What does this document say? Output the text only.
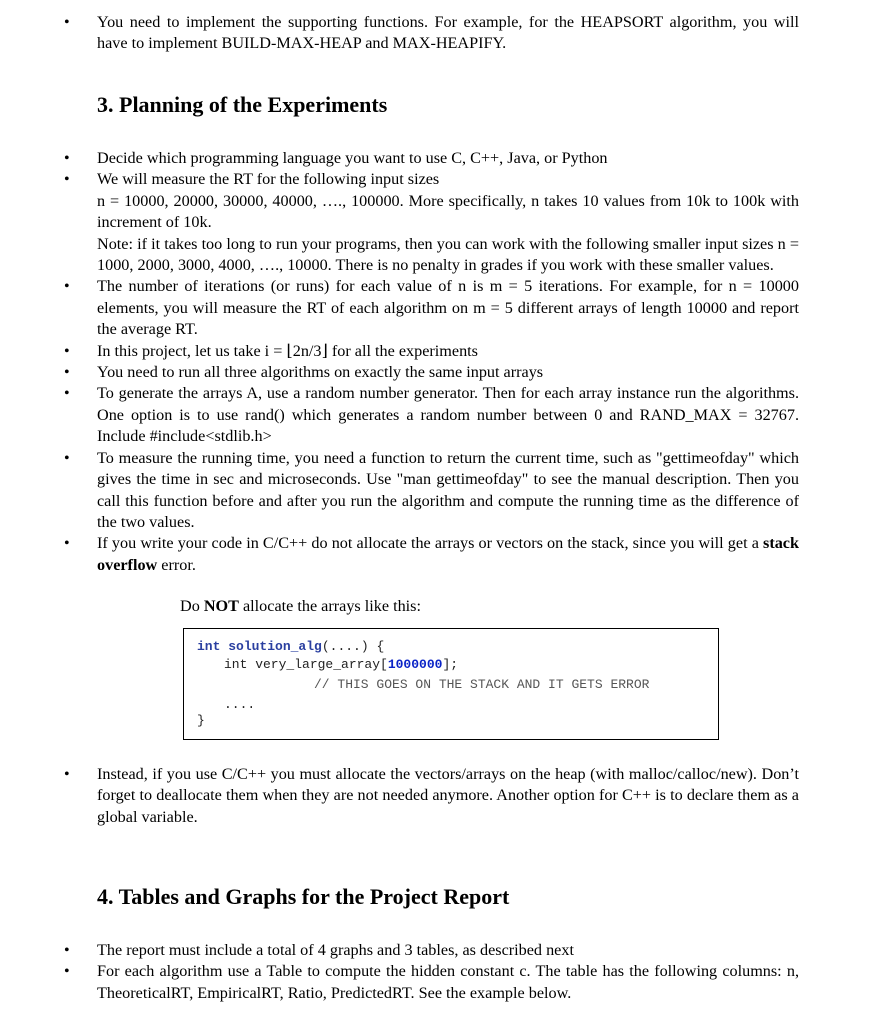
• You need to implement the supporting functions. For example, for the HEAPSORT algorithm, you will have to implement BUILD-MAX-HEAP and MAX-HEAPIFY.
3. Planning of the Experiments
• Decide which programming language you want to use C, C++, Java, or Python
• We will measure the RT for the following input sizes
n = 10000, 20000, 30000, 40000, …., 100000. More specifically, n takes 10 values from 10k to 100k with increment of 10k.
Note: if it takes too long to run your programs, then you can work with the following smaller input sizes n = 1000, 2000, 3000, 4000, …., 10000. There is no penalty in grades if you work with these smaller values.
• The number of iterations (or runs) for each value of n is m = 5 iterations. For example, for n = 10000 elements, you will measure the RT of each algorithm on m = 5 different arrays of length 10000 and report the average RT.
• In this project, let us take i = ⌊2n/3⌋ for all the experiments
• You need to run all three algorithms on exactly the same input arrays
• To generate the arrays A, use a random number generator. Then for each array instance run the algorithms. One option is to use rand() which generates a random number between 0 and RAND_MAX = 32767. Include #include<stdlib.h>
• To measure the running time, you need a function to return the current time, such as "gettimeofday" which gives the time in sec and microseconds. Use "man gettimeofday" to see the manual description. Then you call this function before and after you run the algorithm and compute the running time as the difference of the two values.
• If you write your code in C/C++ do not allocate the arrays or vectors on the stack, since you will get a stack overflow error.
Do NOT allocate the arrays like this:
int solution_alg(....) {
int very_large_array[1000000];
// THIS GOES ON THE STACK AND IT GETS ERROR
....
}
• Instead, if you use C/C++ you must allocate the vectors/arrays on the heap (with malloc/calloc/new). Don’t forget to deallocate them when they are not needed anymore. Another option for C++ is to declare them as a global variable.
4. Tables and Graphs for the Project Report
• The report must include a total of 4 graphs and 3 tables, as described next
• For each algorithm use a Table to compute the hidden constant c. The table has the following columns: n, TheoreticalRT, EmpiricalRT, Ratio, PredictedRT. See the example below.
